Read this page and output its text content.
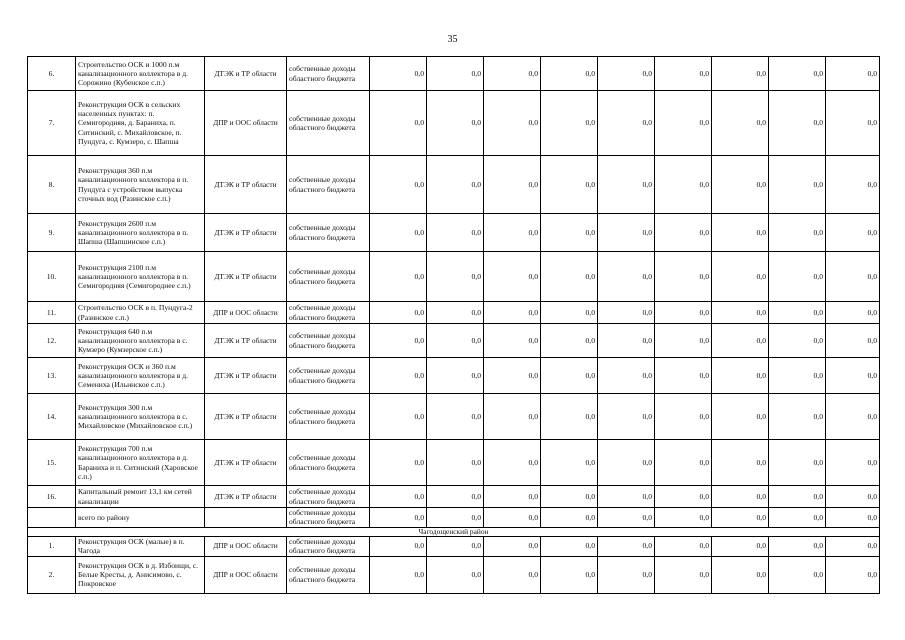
35
6.	Строительство ОСК и 1000 п.м канализационного коллектора в д. Сорожино (Кубенское с.п.)	ДТЭК и ТР области	собственные доходы областного бюджета	0,0	0,0	0,0	0,0	0,0	0,0	0,0	0,0	0,0
7.	Реконструкция ОСК в сельских населенных пунктах: п. Семигородняя, д. Бараниха, п. Ситинский, с. Михайловское, п. Пундуга, с. Кумзеро, с. Шапша	ДПР и ООС области	собственные доходы областного бюджета	0,0	0,0	0,0	0,0	0,0	0,0	0,0	0,0	0,0
8.	Реконструкция 360 п.м канализационного коллектора в п. Пундуга с устройством выпуска сточных вод (Разинское с.п.)	ДТЭК и ТР области	собственные доходы областного бюджета	0,0	0,0	0,0	0,0	0,0	0,0	0,0	0,0	0,0
9.	Реконструкция 2600 п.м канализационного коллектора в п. Шапша (Шапшинское с.п.)	ДТЭК и ТР области	собственные доходы областного бюджета	0,0	0,0	0,0	0,0	0,0	0,0	0,0	0,0	0,0
10.	Реконструкция 2100 п.м канализационного коллектора в п. Семигородняя (Семигороднее с.п.)	ДТЭК и ТР области	собственные доходы областного бюджета	0,0	0,0	0,0	0,0	0,0	0,0	0,0	0,0	0,0
11.	Строительство ОСК в п. Пундуга-2 (Разинское с.п.)	ДПР и ООС области	собственные доходы областного бюджета	0,0	0,0	0,0	0,0	0,0	0,0	0,0	0,0	0,0
12.	Реконструкция 640 п.м канализационного коллектора в с. Кумзеро (Кумзерское с.п.)	ДТЭК и ТР области	собственные доходы областного бюджета	0,0	0,0	0,0	0,0	0,0	0,0	0,0	0,0	0,0
13.	Реконструкция ОСК и 360 п.м канализационного коллектора в д. Семениха (Ильинское с.п.)	ДТЭК и ТР области	собственные доходы областного бюджета	0,0	0,0	0,0	0,0	0,0	0,0	0,0	0,0	0,0
14.	Реконструкция 300 п.м канализационного коллектора в с. Михайловское (Михайловское с.п.)	ДТЭК и ТР области	собственные доходы областного бюджета	0,0	0,0	0,0	0,0	0,0	0,0	0,0	0,0	0,0
15.	Реконструкция 700 п.м канализационного коллектора в д. Бараниха и п. Ситинский (Харовское с.п.)	ДТЭК и ТР области	собственные доходы областного бюджета	0,0	0,0	0,0	0,0	0,0	0,0	0,0	0,0	0,0
16.	Капитальный ремонт 13,1 км сетей канализации	ДТЭК и ТР области	собственные доходы областного бюджета	0,0	0,0	0,0	0,0	0,0	0,0	0,0	0,0	0,0
	всего по району		собственные доходы областного бюджета	0,0	0,0	0,0	0,0	0,0	0,0	0,0	0,0	0,0
Чагодощенский район												
1.	Реконструкция ОСК (малые) в п. Чагода	ДПР и ООС области	собственные доходы областного бюджета	0,0	0,0	0,0	0,0	0,0	0,0	0,0	0,0	0,0
2.	Реконструкция ОСК в д. Избоищи, с. Белые Кресты, д. Анисимово, с. Покровское	ДПР и ООС области	собственные доходы областного бюджета	0,0	0,0	0,0	0,0	0,0	0,0	0,0	0,0	0,0
